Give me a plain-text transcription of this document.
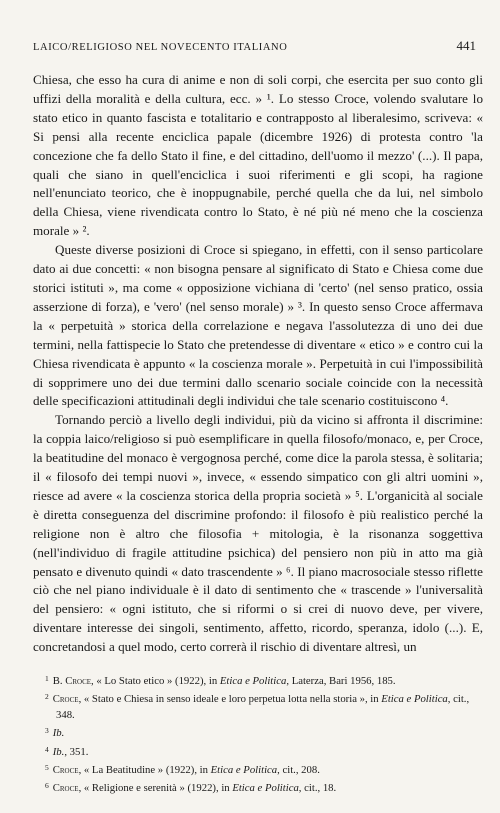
LAICO/RELIGIOSO NEL NOVECENTO ITALIANO	441

Chiesa, che esso ha cura di anime e non di soli corpi, che esercita per suo conto gli uffizi della moralità e della cultura, ecc. » ¹. Lo stesso Croce, volendo svalutare lo stato etico in quanto fascista e totalitario e contrapposto al liberalesimo, scriveva: « Si pensi alla recente enciclica papale (dicembre 1926) di protesta contro 'la concezione che fa dello Stato il fine, e del cittadino, dell'uomo il mezzo' (...). Il papa, quali che siano in quell'enciclica i suoi riferimenti e gli scopi, ha ragione nell'enunciato teorico, che è inoppugnabile, perché quella che da lui, nel simbolo della Chiesa, viene rivendicata contro lo Stato, è né più né meno che la coscienza morale » ².

Queste diverse posizioni di Croce si spiegano, in effetti, con il senso particolare dato ai due concetti: « non bisogna pensare al significato di Stato e Chiesa come due storici istituti », ma come « opposizione vichiana di 'certo' (nel senso pratico, ossia asserzione di forza), e 'vero' (nel senso morale) » ³. In questo senso Croce affermava la « perpetuità » storica della correlazione e negava l'assolutezza di uno dei due termini, nella fattispecie lo Stato che pretendesse di diventare « etico » e contro cui la Chiesa rivendicata è appunto « la coscienza morale ». Perpetuità in cui l'impossibilità di sopprimere uno dei due termini dallo scenario sociale coincide con la necessità delle specificazioni attitudinali degli individui che tale scenario costituiscono ⁴.

Tornando perciò a livello degli individui, più da vicino si affronta il discrimine: la coppia laico/religioso si può esemplificare in quella filosofo/monaco, e, per Croce, la beatitudine del monaco è vergognosa perché, come dice la parola stessa, è solitaria; il « filosofo dei tempi nuovi », invece, « essendo simpatico con gli altri uomini », riesce ad avere « la coscienza storica della propria società » ⁵. L'organicità al sociale è diretta conseguenza del discrimine profondo: il filosofo è più realistico perché la religione non è altro che filosofia + mitologia, è la risonanza soggettiva (nell'individuo di fragile attitudine psichica) del pensiero non più in atto ma già pensato e divenuto quindi « dato trascendente » ⁶. Il piano macrosociale stesso riflette ciò che nel piano individuale è il dato di sentimento che « trascende » l'universalità del pensiero: « ogni istituto, che si riformi o si crei di nuovo deve, per vivere, diventare interesse dei singoli, sentimento, affetto, ricordo, speranza, idolo (...). E, concretandosi a quel modo, certo correrà il rischio di diventare altresì, un

$^1$ B. Croce, « Lo Stato etico » (1922), in Etica e Politica, Laterza, Bari 1956, 185.
$^2$ Croce, « Stato e Chiesa in senso ideale e loro perpetua lotta nella storia », in Etica e Politica, cit., 348.
$^3$ Ib.
$^4$ Ib., 351.
$^5$ Croce, « La Beatitudine » (1922), in Etica e Politica, cit., 208.
$^6$ Croce, « Religione e serenità » (1922), in Etica e Politica, cit., 18.
